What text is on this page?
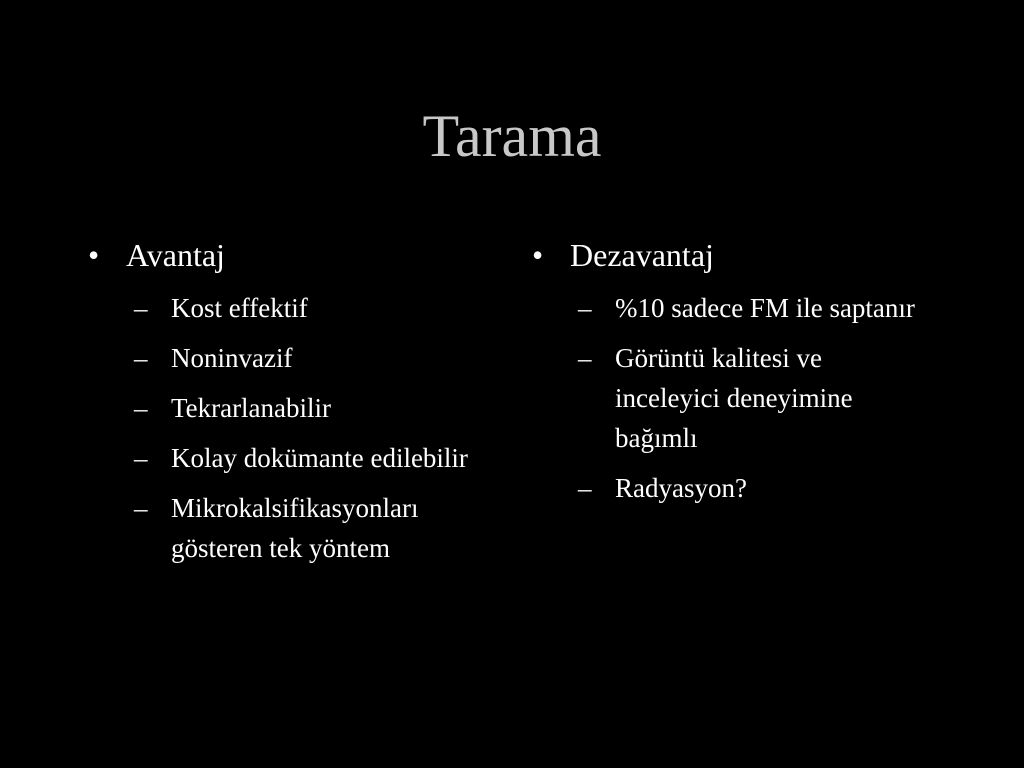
Tarama
• Avantaj
– Kost effektif
– Noninvazif
– Tekrarlanabilir
– Kolay dokümante edilebilir
– Mikrokalsifikasyonları gösteren tek yöntem
• Dezavantaj
– %10 sadece FM ile saptanır
– Görüntü kalitesi ve inceleyici deneyimine bağımlı
– Radyasyon?
